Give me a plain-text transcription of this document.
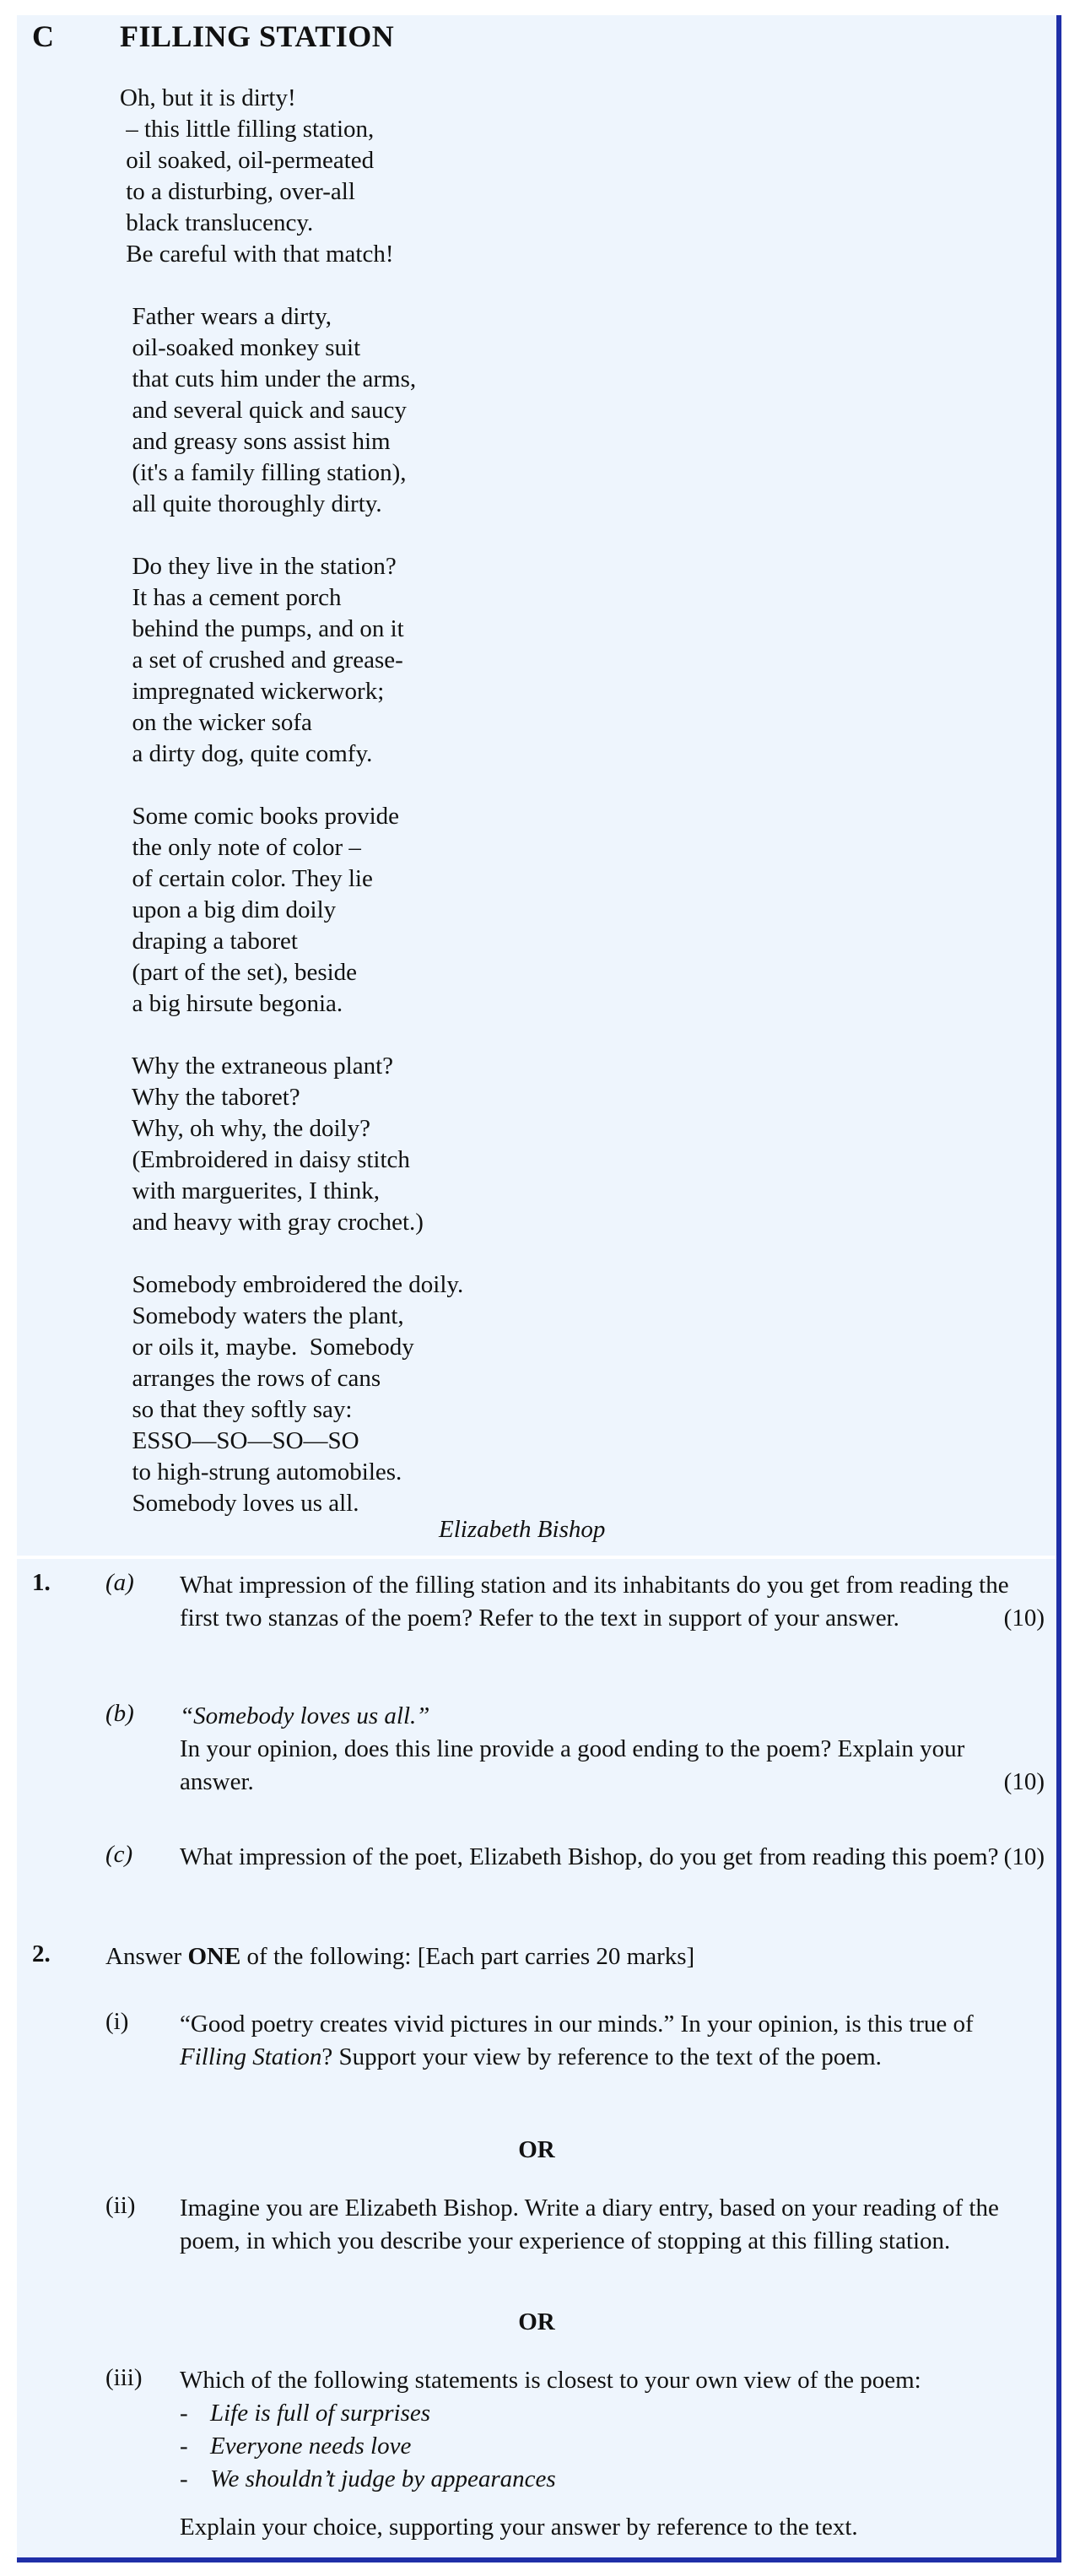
C FILLING STATION
Oh, but it is dirty!
– this little filling station,
oil soaked, oil-permeated
to a disturbing, over-all
black translucency.
Be careful with that match!
Father wears a dirty,
oil-soaked monkey suit
that cuts him under the arms,
and several quick and saucy
and greasy sons assist him
(it's a family filling station),
all quite thoroughly dirty.
Do they live in the station?
It has a cement porch
behind the pumps, and on it
a set of crushed and grease-
impregnated wickerwork;
on the wicker sofa
a dirty dog, quite comfy.
Some comic books provide
the only note of color –
of certain color. They lie
upon a big dim doily
draping a taboret
(part of the set), beside
a big hirsute begonia.
Why the extraneous plant?
Why the taboret?
Why, oh why, the doily?
(Embroidered in daisy stitch
with marguerites, I think,
and heavy with gray crochet.)
Somebody embroidered the doily.
Somebody waters the plant,
or oils it, maybe.  Somebody
arranges the rows of cans
so that they softly say:
ESSO—SO—SO—SO
to high-strung automobiles.
Somebody loves us all.
Elizabeth Bishop
1. (a) What impression of the filling station and its inhabitants do you get from reading the first two stanzas of the poem? Refer to the text in support of your answer.	(10)
(b) “Somebody loves us all.”
In your opinion, does this line provide a good ending to the poem? Explain your answer.	(10)
(c) What impression of the poet, Elizabeth Bishop, do you get from reading this poem? (10)
2. Answer ONE of the following: [Each part carries 20 marks]
(i) “Good poetry creates vivid pictures in our minds.” In your opinion, is this true of Filling Station? Support your view by reference to the text of the poem.
OR
(ii) Imagine you are Elizabeth Bishop. Write a diary entry, based on your reading of the poem, in which you describe your experience of stopping at this filling station.
OR
(iii) Which of the following statements is closest to your own view of the poem:
- Life is full of surprises
- Everyone needs love
- We shouldn’t judge by appearances
Explain your choice, supporting your answer by reference to the text.
